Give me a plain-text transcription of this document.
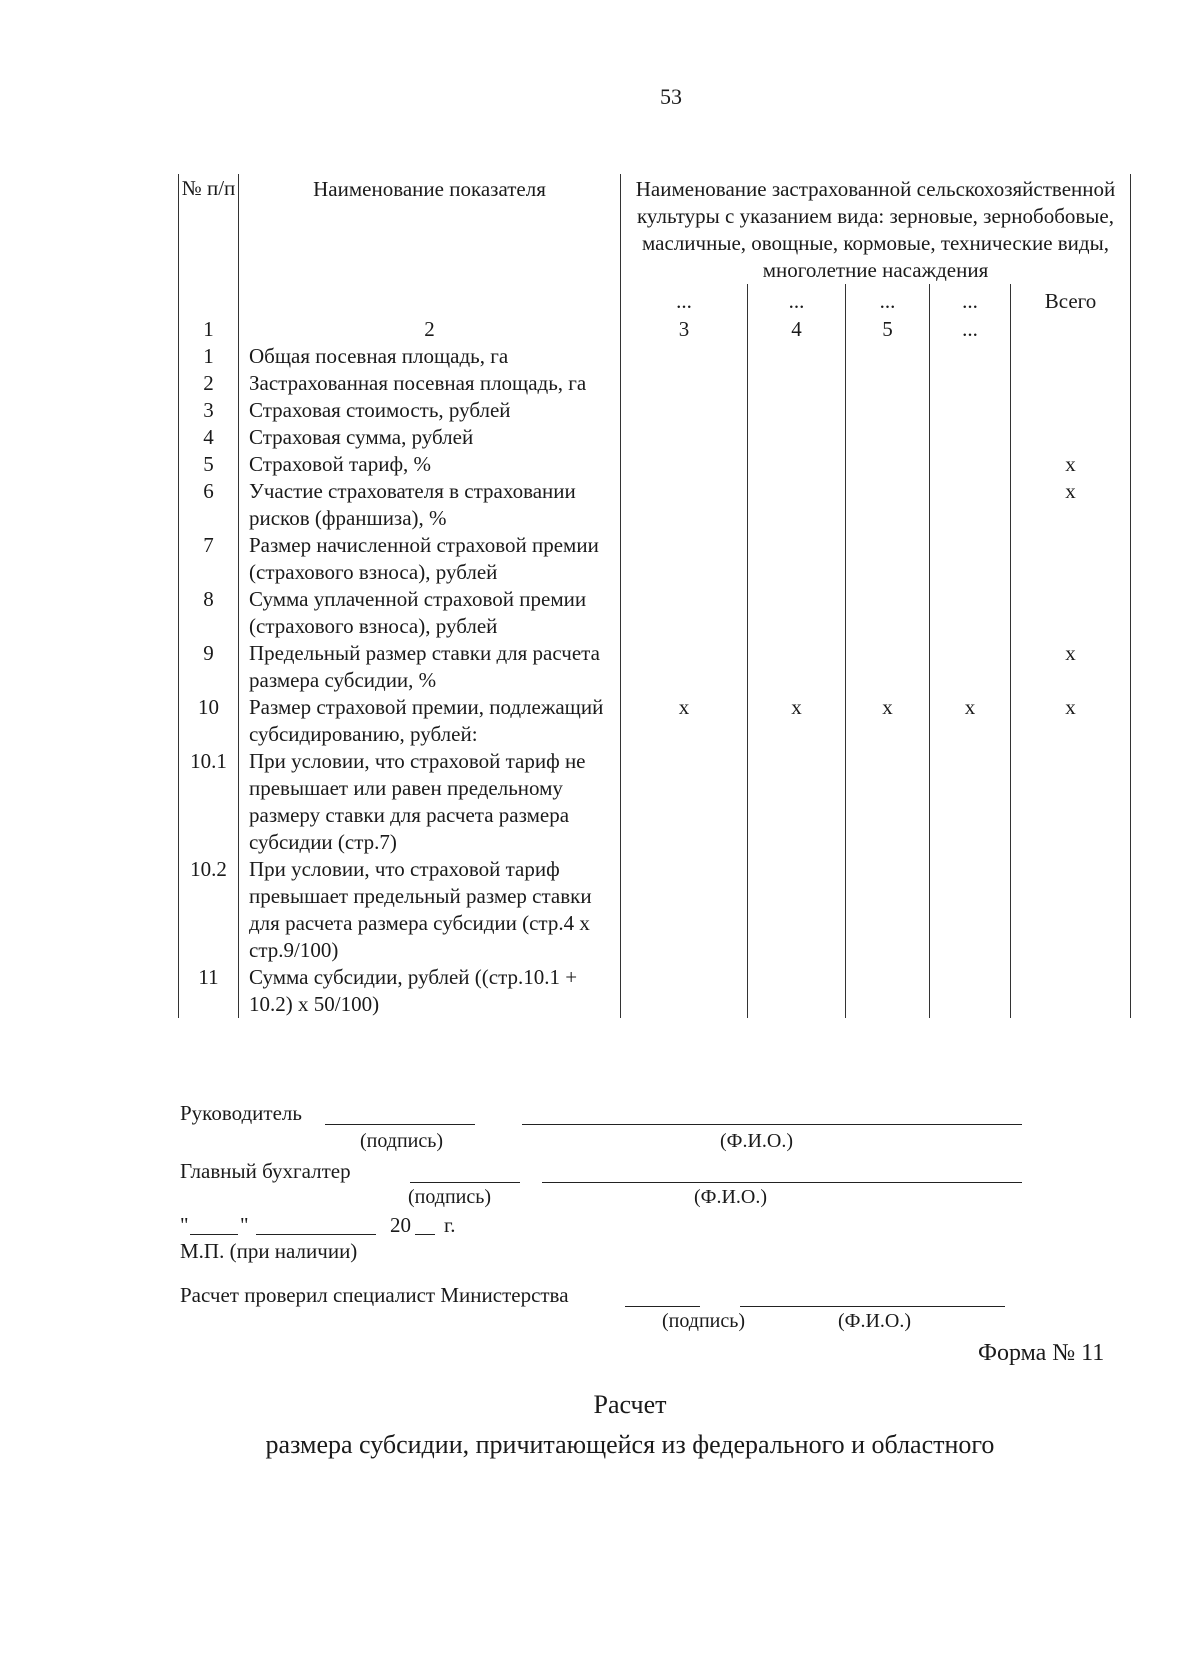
53
№ п/п	Наименование показателя	Наименование застрахованной сельскохозяйственной культуры с указанием вида: зерновые, зернобобовые, масличные, овощные, кормовые, технические виды, многолетние насаждения				
		...	...	...	...	Всего
1	2	3	4	5	...	
1	Общая посевная площадь, га					
2	Застрахованная посевная площадь, га					
3	Страховая стоимость, рублей					
4	Страховая сумма, рублей					
5	Страховой тариф, %					x
6	Участие страхователя в страховании рисков (франшиза), %					x
7	Размер начисленной страховой премии (страхового взноса), рублей					
8	Сумма уплаченной страховой премии (страхового взноса), рублей					
9	Предельный размер ставки для расчета размера субсидии, %					x
10	Размер страховой премии, подлежащий субсидированию, рублей:	x	x	x	x	x
10.1	При условии, что страховой тариф не превышает или равен предельному размеру ставки для расчета размера субсидии (стр.7)					
10.2	При условии, что страховой тариф превышает предельный размер ставки для расчета размера субсидии (стр.4 х стр.9/100)					
11	Сумма субсидии, рублей ((стр.10.1 + 10.2) х 50/100)					
Руководитель
(подпись)	(Ф.И.О.)
Главный бухгалтер
(подпись)	(Ф.И.О.)
" "	20 г.
М.П. (при наличии)
Расчет проверил специалист Министерства
(подпись)	(Ф.И.О.)
Форма № 11
Расчет
размера субсидии, причитающейся из федерального и областного
